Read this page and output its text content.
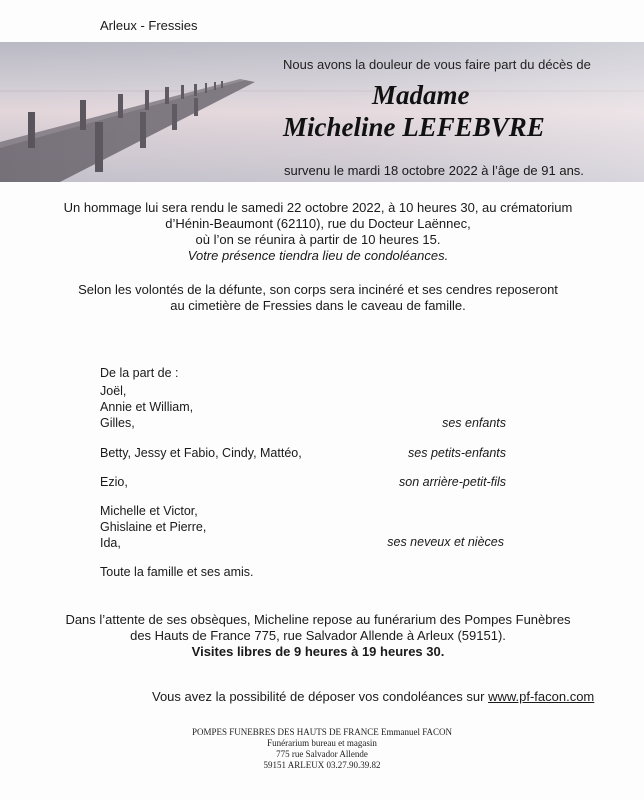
Arleux - Fressies
Nous avons la douleur de vous faire part du décès de
Madame
Micheline LEFEBVRE
survenu le mardi 18 octobre 2022 à l’âge de 91 ans.
Un hommage lui sera rendu le samedi 22 octobre 2022, à 10 heures 30, au crématorium
d’Hénin-Beaumont (62110), rue du Docteur Laënnec,
où l’on se réunira à partir de 10 heures 15.
Votre présence tiendra lieu de condoléances.
Selon les volontés de la défunte, son corps sera incinéré et ses cendres reposeront
au cimetière de Fressies dans le caveau de famille.
De la part de :
Joël,
Annie et William,
Gilles,	ses enfants
Betty, Jessy et Fabio, Cindy, Mattéo,	ses petits-enfants
Ezio,	son arrière-petit-fils
Michelle et Victor,
Ghislaine et Pierre,
Ida,	ses neveux et nièces
Toute la famille et ses amis.
Dans l’attente de ses obsèques, Micheline repose au funérarium des Pompes Funèbres
des Hauts de France 775, rue Salvador Allende à Arleux (59151).
Visites libres de 9 heures à 19 heures 30.
Vous avez la possibilité de déposer vos condoléances sur www.pf-facon.com
POMPES FUNEBRES DES HAUTS DE FRANCE Emmanuel FACON
Funérarium bureau et magasin
775 rue Salvador Allende
59151 ARLEUX 03.27.90.39.82
